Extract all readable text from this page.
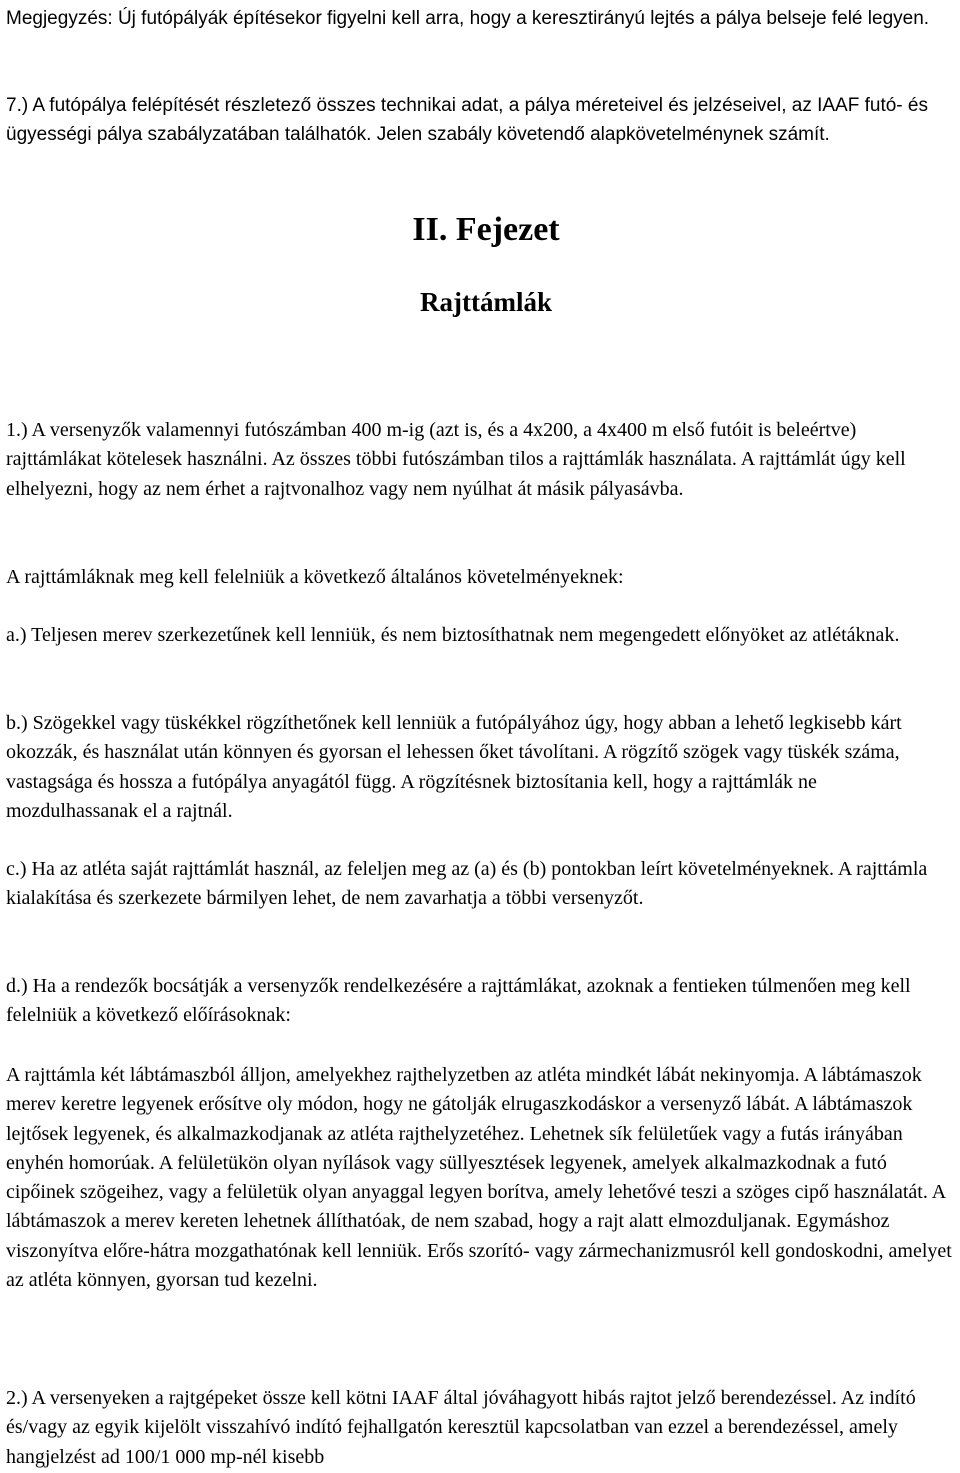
Megjegyzés: Új futópályák építésekor figyelni kell arra, hogy a keresztirányú lejtés a pálya belseje felé legyen.

7.) A futópálya felépítését részletező összes technikai adat, a pálya méreteivel és jelzéseivel, az IAAF futó- és ügyességi pálya szabályzatában találhatók. Jelen szabály követendő alapkövetelménynek számít.

II. Fejezet
Rajttámlák

1.) A versenyzők valamennyi futószámban 400 m-ig (azt is, és a 4x200, a 4x400 m első futóit is beleértve) rajttámlákat kötelesek használni. Az összes többi futószámban tilos a rajttámlák használata. A rajttámlát úgy kell elhelyezni, hogy az nem érhet a rajtvonalhoz vagy nem nyúlhat át másik pályasávba.

A rajttámláknak meg kell felelniük a következő általános követelményeknek:

a.) Teljesen merev szerkezetűnek kell lenniük, és nem biztosíthatnak nem megengedett előnyöket az atlétáknak.

b.) Szögekkel vagy tüskékkel rögzíthetőnek kell lenniük a futópályához úgy, hogy abban a lehető legkisebb kárt okozzák, és használat után könnyen és gyorsan el lehessen őket távolítani. A rögzítő szögek vagy tüskék száma, vastagsága és hossza a futópálya anyagától függ. A rögzítésnek biztosítania kell, hogy a rajttámlák ne mozdulhassanak el a rajtnál.

c.) Ha az atléta saját rajttámlát használ, az feleljen meg az (a) és (b) pontokban leírt követelményeknek. A rajttámla kialakítása és szerkezete bármilyen lehet, de nem zavarhatja a többi versenyzőt.

d.) Ha a rendezők bocsátják a versenyzők rendelkezésére a rajttámlákat, azoknak a fentieken túlmenően meg kell felelniük a következő előírásoknak:

A rajttámla két lábtámaszból álljon, amelyekhez rajthelyzetben az atléta mindkét lábát nekinyomja. A lábtámaszok merev keretre legyenek erősítve oly módon, hogy ne gátolják elrugaszkodáskor a versenyző lábát. A lábtámaszok lejtősek legyenek, és alkalmazkodjanak az atléta rajthelyzetéhez. Lehetnek sík felületűek vagy a futás irányában enyhén homorúak. A felületükön olyan nyílások vagy süllyesztések legyenek, amelyek alkalmazkodnak a futó cipőinek szögeihez, vagy a felületük olyan anyaggal legyen borítva, amely lehetővé teszi a szöges cipő használatát. A lábtámaszok a merev kereten lehetnek állíthatóak, de nem szabad, hogy a rajt alatt elmozduljanak. Egymáshoz viszonyítva előre-hátra mozgathatónak kell lenniük. Erős szorító- vagy zármechanizmusról kell gondoskodni, amelyet az atléta könnyen, gyorsan tud kezelni.

2.) A versenyeken a rajtgépeket össze kell kötni IAAF által jóváhagyott hibás rajtot jelző berendezéssel. Az indító és/vagy az egyik kijelölt visszahívó indító fejhallgatón keresztül kapcsolatban van ezzel a berendezéssel, amely hangjelzést ad 100/1 000 mp-nél kisebb
